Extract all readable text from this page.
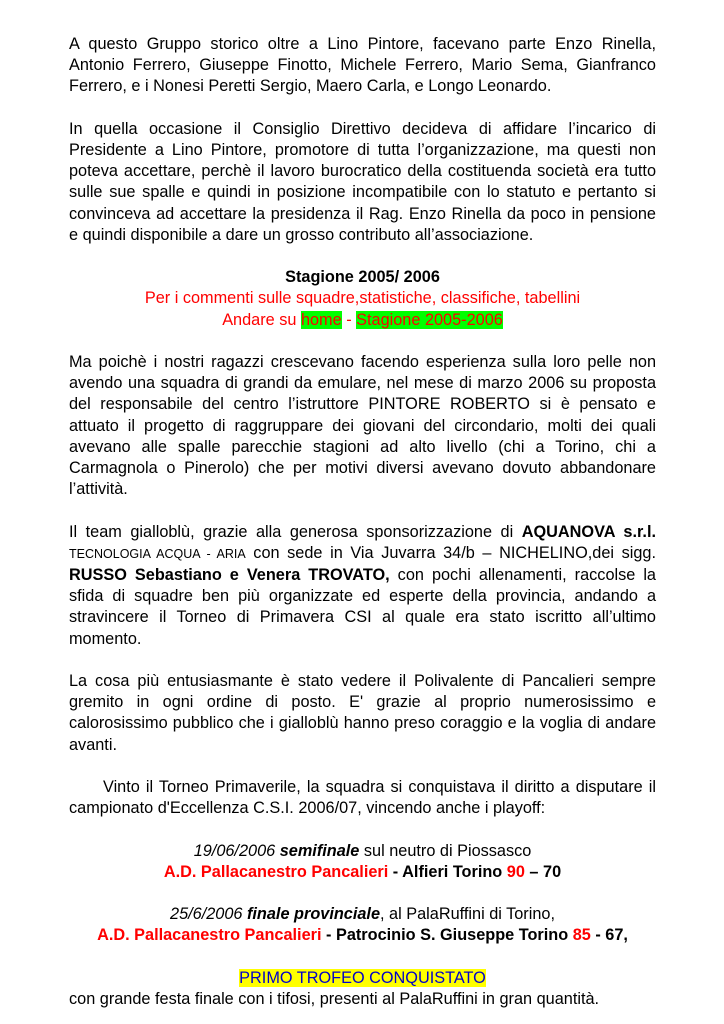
A questo Gruppo storico oltre a Lino Pintore, facevano parte Enzo Rinella, Antonio Ferrero, Giuseppe Finotto, Michele Ferrero, Mario Sema, Gianfranco Ferrero, e i Nonesi Peretti Sergio, Maero Carla, e Longo Leonardo.

In quella occasione il Consiglio Direttivo decideva di affidare l’incarico di Presidente a Lino Pintore, promotore di tutta l’organizzazione, ma questi non poteva accettare, perchè il lavoro burocratico della costituenda società era tutto sulle sue spalle e quindi in posizione incompatibile con lo statuto e pertanto si convinceva ad accettare la presidenza il Rag. Enzo Rinella da poco in pensione e quindi disponibile a dare un grosso contributo all’associazione.

Stagione 2005/ 2006

Per i commenti sulle squadre,statistiche, classifiche, tabellini

Andare su home - Stagione 2005-2006

Ma poichè i nostri ragazzi crescevano facendo esperienza sulla loro pelle non avendo una squadra di grandi da emulare, nel mese di marzo 2006 su proposta del responsabile del centro l’istruttore PINTORE ROBERTO si è pensato e attuato il progetto di raggruppare dei giovani del circondario, molti dei quali avevano alle spalle parecchie stagioni ad alto livello (chi a Torino, chi a Carmagnola o Pinerolo) che per motivi diversi avevano dovuto abbandonare l’attività.

Il team gialloblù, grazie alla generosa sponsorizzazione di AQUANOVA s.r.l. TECNOLOGIA ACQUA - ARIA con sede in Via Juvarra 34/b – NICHELINO,dei sigg. RUSSO Sebastiano e Venera TROVATO, con pochi allenamenti, raccolse la sfida di squadre ben più organizzate ed esperte della provincia, andando a stravincere il Torneo di Primavera CSI al quale era stato iscritto all’ultimo momento.

La cosa più entusiasmante è stato vedere il Polivalente di Pancalieri sempre gremito in ogni ordine di posto. E' grazie al proprio numerosissimo e calorosissimo pubblico che i gialloblù hanno preso coraggio e la voglia di andare avanti.

Vinto il Torneo Primaverile, la squadra si conquistava il diritto a disputare il campionato d'Eccellenza C.S.I. 2006/07, vincendo anche i playoff:

19/06/2006 semifinale sul neutro di Piossasco

A.D. Pallacanestro Pancalieri - Alfieri Torino 90 – 70

25/6/2006 finale provinciale, al PalaRuffini di Torino,

A.D. Pallacanestro Pancalieri - Patrocinio S. Giuseppe Torino 85 - 67,

PRIMO TROFEO CONQUISTATO

con grande festa finale con i tifosi, presenti al PalaRuffini in gran quantità.
